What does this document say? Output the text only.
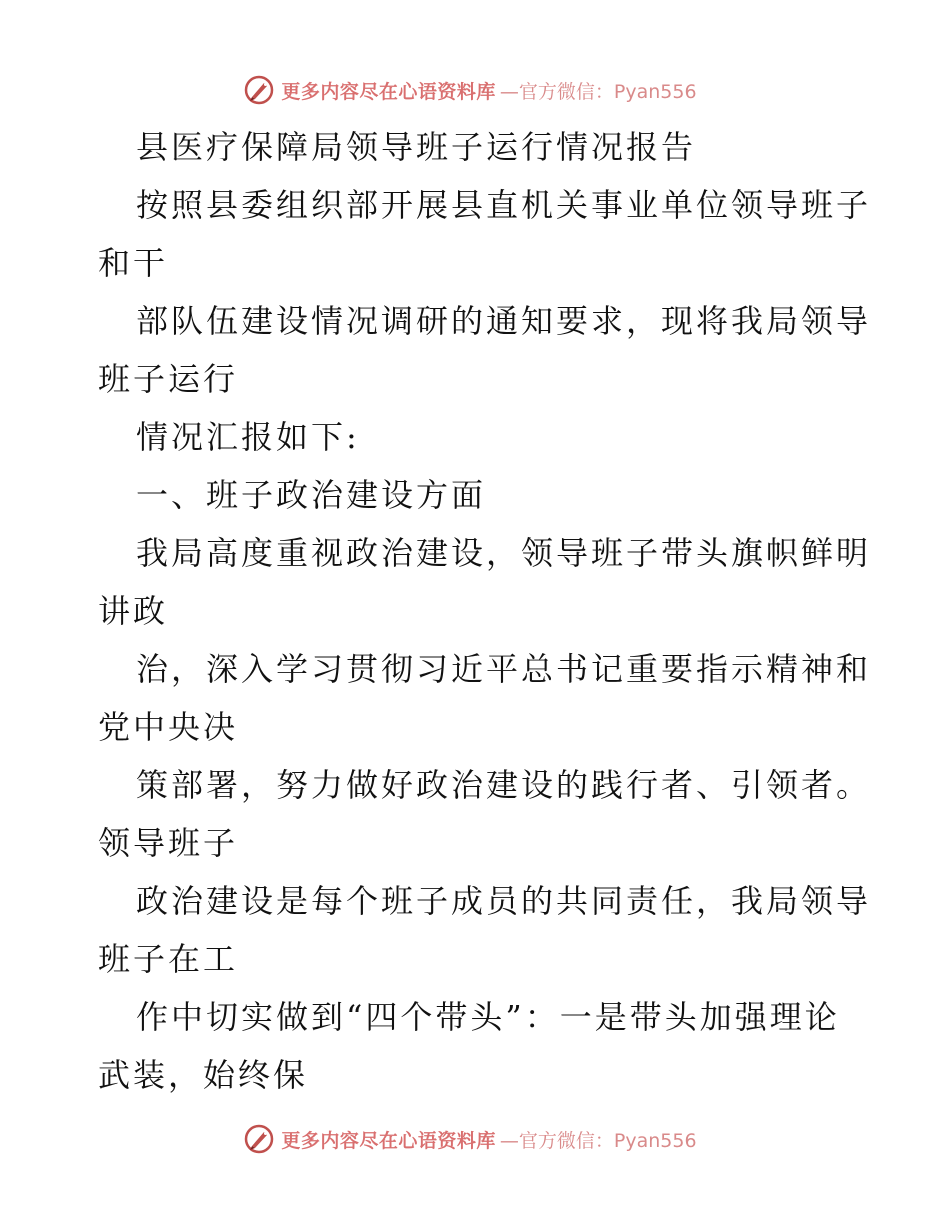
更多内容尽在心语资料库 —官方微信：Pyan556
县医疗保障局领导班子运行情况报告
按照县委组织部开展县直机关事业单位领导班子
和干
部队伍建设情况调研的通知要求，现将我局领导
班子运行
情况汇报如下:
一、班子政治建设方面
我局高度重视政治建设，领导班子带头旗帜鲜明
讲政
治，深入学习贯彻习近平总书记重要指示精神和
党中央决
策部署，努力做好政治建设的践行者、引领者。
领导班子
政治建设是每个班子成员的共同责任，我局领导
班子在工
作中切实做到“四个带头”：一是带头加强理论
武装，始终保
更多内容尽在心语资料库 —官方微信：Pyan556
